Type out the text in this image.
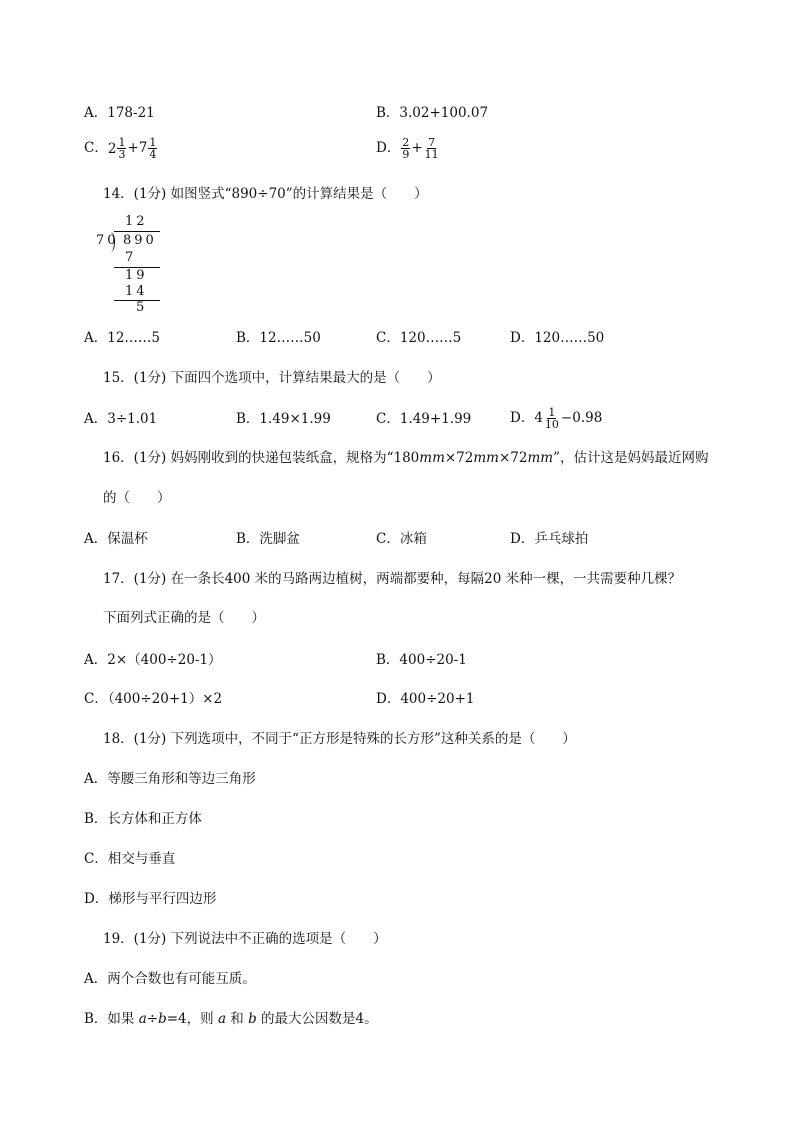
A．178-21	B．3.02+100.07
C． $2 \frac{1}{3} +7 \frac{1}{4}$	D． $\frac{2}{9} + \frac{7}{11}$
14．(1分) 如图竖式“890÷70”的计算结果是（　　）
12
70 890
7
19
14
5
A．12……5	B．12……50	C．120……5	D．120……50
15．(1分) 下面四个选项中，计算结果最大的是（　　）
A．3÷1.01	B．1.49×1.99	C．1.49+1.99	D．$4 \frac{1}{10} -0.98$
16．(1分) 妈妈刚收到的快递包装纸盒，规格为“180mm×72mm×72mm”，估计这是妈妈最近网购
的（　　）
A．保温杯	B．洗脚盆	C．冰箱	D．乒乓球拍
17．(1分) 在一条长400 米的马路两边植树，两端都要种，每隔20 米种一棵，一共需要种几棵？
下面列式正确的是（　　）
A．2×（400÷20-1）	B．400÷20-1
C．（400÷20+1）×2	D．400÷20+1
18．(1分) 下列选项中，不同于“正方形是特殊的长方形”这种关系的是（　　）
A．等腰三角形和等边三角形
B．长方体和正方体
C．相交与垂直
D．梯形与平行四边形
19．(1分) 下列说法中不正确的选项是（　　）
A．两个合数也有可能互质。
B．如果 a÷b=4，则 a 和 b 的最大公因数是4。
